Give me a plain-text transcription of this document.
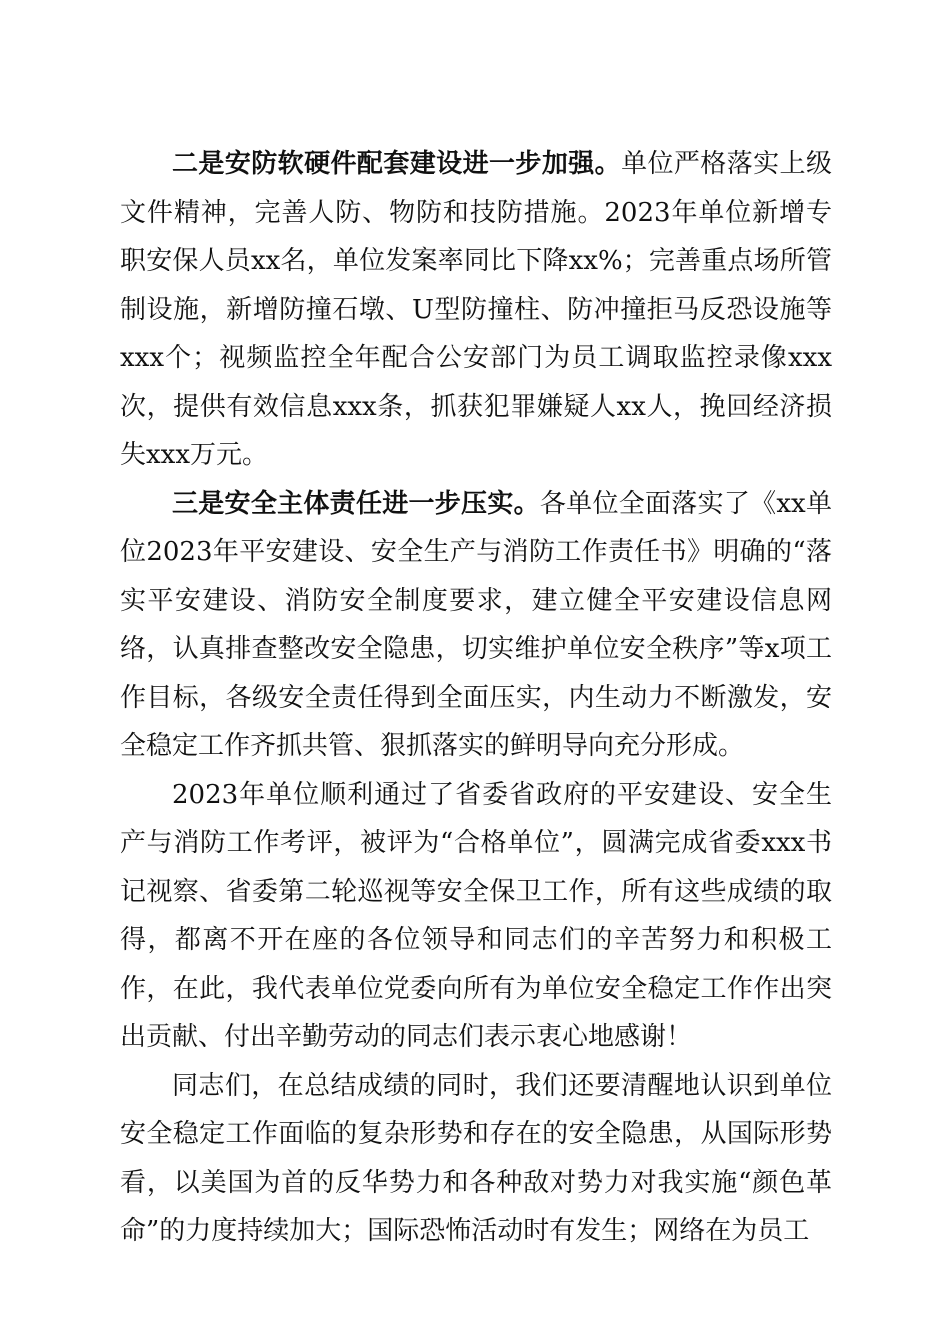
二是安防软硬件配套建设进一步加强。单位严格落实上级文件精神，完善人防、物防和技防措施。2023年单位新增专职安保人员xx名，单位发案率同比下降xx%；完善重点场所管制设施，新增防撞石墩、U型防撞柱、防冲撞拒马反恐设施等xxx个；视频监控全年配合公安部门为员工调取监控录像xxx次，提供有效信息xxx条，抓获犯罪嫌疑人xx人，挽回经济损失xxx万元。

三是安全主体责任进一步压实。各单位全面落实了《xx单位2023年平安建设、安全生产与消防工作责任书》明确的“落实平安建设、消防安全制度要求，建立健全平安建设信息网络，认真排查整改安全隐患，切实维护单位安全秩序”等x项工作目标，各级安全责任得到全面压实，内生动力不断激发，安全稳定工作齐抓共管、狠抓落实的鲜明导向充分形成。

2023年单位顺利通过了省委省政府的平安建设、安全生产与消防工作考评，被评为“合格单位”，圆满完成省委xxx书记视察、省委第二轮巡视等安全保卫工作，所有这些成绩的取得，都离不开在座的各位领导和同志们的辛苦努力和积极工作，在此，我代表单位党委向所有为单位安全稳定工作作出突出贡献、付出辛勤劳动的同志们表示衷心地感谢！

同志们，在总结成绩的同时，我们还要清醒地认识到单位安全稳定工作面临的复杂形势和存在的安全隐患，从国际形势看，以美国为首的反华势力和各种敌对势力对我实施“颜色革命”的力度持续加大；国际恐怖活动时有发生；网络在为员工
